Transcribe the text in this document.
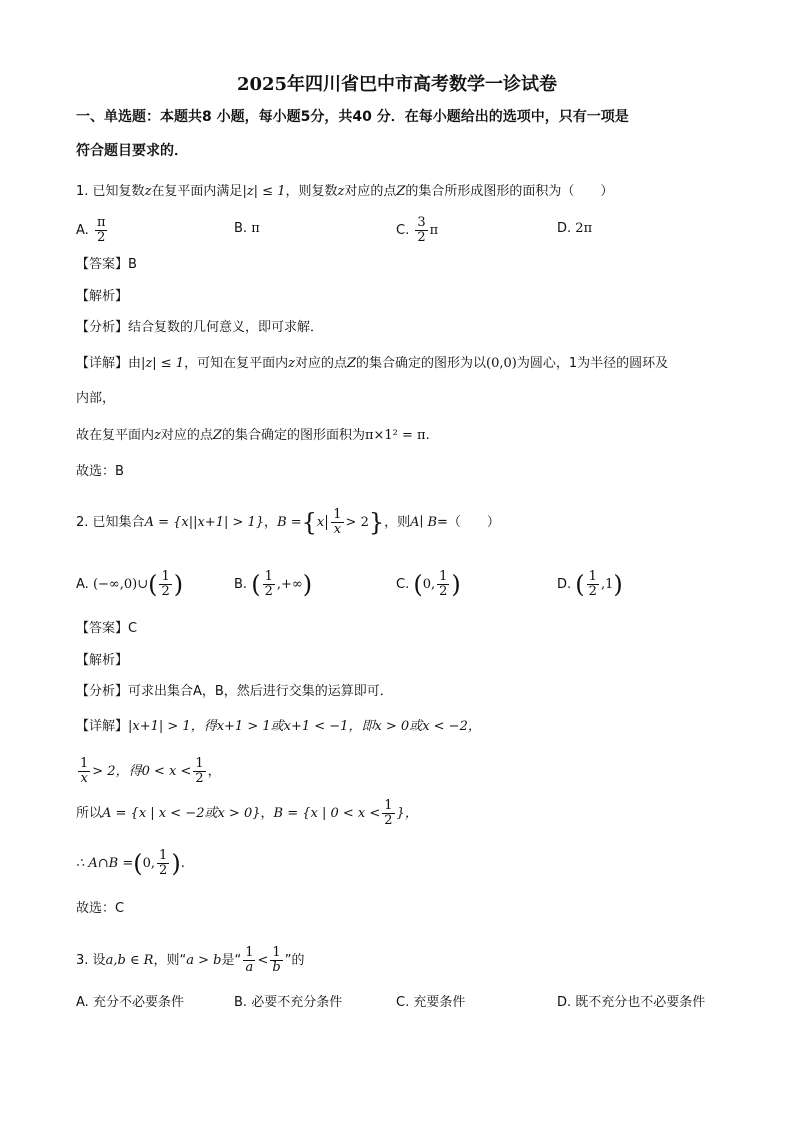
2025年四川省巴中市高考数学一诊试卷
一、单选题：本题共8 小题，每小题5分，共40 分．在每小题给出的选项中，只有一项是
符合题目要求的．
1. 已知复数z在复平面内满足|z| ≤ 1，则复数z对应的点Z的集合所形成图形的面积为（　　）
A. $\frac{\pi}{2}$	B. π	C. $\frac{3}{2}$ π	D. 2π
【答案】B
【解析】
【分析】结合复数的几何意义，即可求解．
【详解】由|z| ≤ 1，可知在复平面内z对应的点Z的集合确定的图形为以(0,0)为圆心，1为半径的圆环及
内部，
故在复平面内z对应的点Z的集合确定的图形面积为π×1² = π.
故选：B
2. 已知集合A = {x||x+1| > 1}，$B =\{x \frac{1}{x} > 2\}$，则A∣ B=（　　）
A. (−∞,0)∪( $\frac{1}{2}$ )	B. ( $\frac{1}{2}$ ,+∞)	C. (0, $\frac{1}{2}$ )	D. ( $\frac{1}{2} ,1$)
【答案】C
【解析】
【分析】可求出集合A，B，然后进行交集的运算即可．
【详解】|x+1| > 1，得x+1 > 1或x+1 < −1，即x > 0或x < −2，
$\frac{1}{x} > 2$，得$0 < x < \frac{1}{2}$ ，
所以A = {x | x < −2或x > 0}，B = {x | $0 < x < \frac{1}{2}$ }，
∴ A∩B =(0, $\frac{1}{2}$ ).
故选：C
3. 设a,b ∈ R，则“a > b是“ $\frac{1}{a} < \frac{1}{b}$ ”的
A. 充分不必要条件	B. 必要不充分条件	C. 充要条件	D. 既不充分也不必要条件
